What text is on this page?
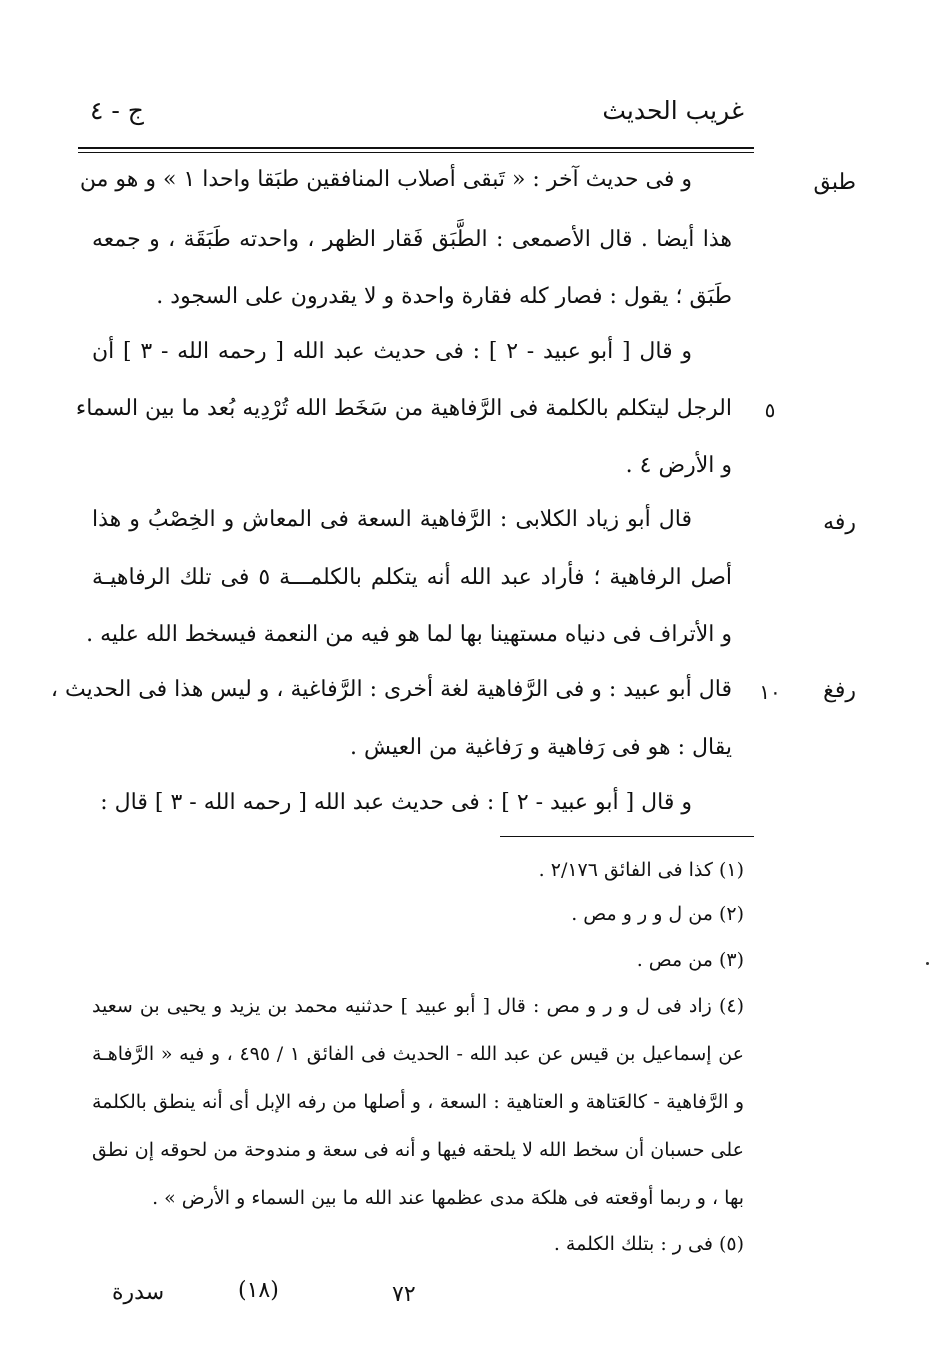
غريب الحديث
ج - ٤
طبق
رفه
رفغ
٥
١٠
و فى حديث آخر : « تَبقى أصلاب المنافقين طبَقا واحدا ١ » و هو من
هذا أيضا . قال الأصمعى : الطَّبَق فَقار الظهر ، واحدته طَبَقَة ، و جمعه
طَبَق ؛ يقول : فصار كله فقارة واحدة و لا يقدرون على السجود .
و قال [ أبو عبيد - ٢ ] : فى حديث عبد الله [ رحمه الله - ٣ ] أن
الرجل ليتكلم بالكلمة فى الرَّفاهية من سَخَط الله تُرْدِيه بُعد ما بين السماء
و الأرض ٤ .
قال أبو زياد الكلابى : الرَّفاهية السعة فى المعاش و الخِصْبُ و هذا
أصل الرفاهية ؛ فأراد عبد الله أنه يتكلم بالكلمـــة ٥ فى تلك الرفاهيـة
و الأتراف فى دنياه مستهينا بها لما هو فيه من النعمة فيسخط الله عليه .
قال أبو عبيد : و فى الرَّفاهية لغة أخرى : الرَّفاغية ، و ليس هذا فى الحديث ،
يقال : هو فى رَفاهية و رَفاغية من العيش .
و قال [ أبو عبيد - ٢ ] : فى حديث عبد الله [ رحمه الله - ٣ ] قال :
(١) كذا فى الفائق ٢/١٧٦ .
(٢) من ل و ر و مص .
(٣) من مص .
(٤) زاد فى ل و ر و مص : قال [ أبو عبيد ] حدثنيه محمد بن يزيد و يحيى بن سعيد
عن إسماعيل بن قيس عن عبد الله - الحديث فى الفائق ١ / ٤٩٥ ، و فيه « الرَّفاهـة
و الرَّفاهية - كالعَتاهة و العتاهية : السعة ، و أصلها من رفه الإبل أى أنه ينطق بالكلمة
على حسبان أن سخط الله لا يلحقه فيها و أنه فى سعة و مندوحة من لحوقه إن نطق
بها ، و ربما أوقعته فى هلكة مدى عظمها عند الله ما بين السماء و الأرض » .
(٥) فى ر : بتلك الكلمة .
٧٢
(١٨)
سدرة
